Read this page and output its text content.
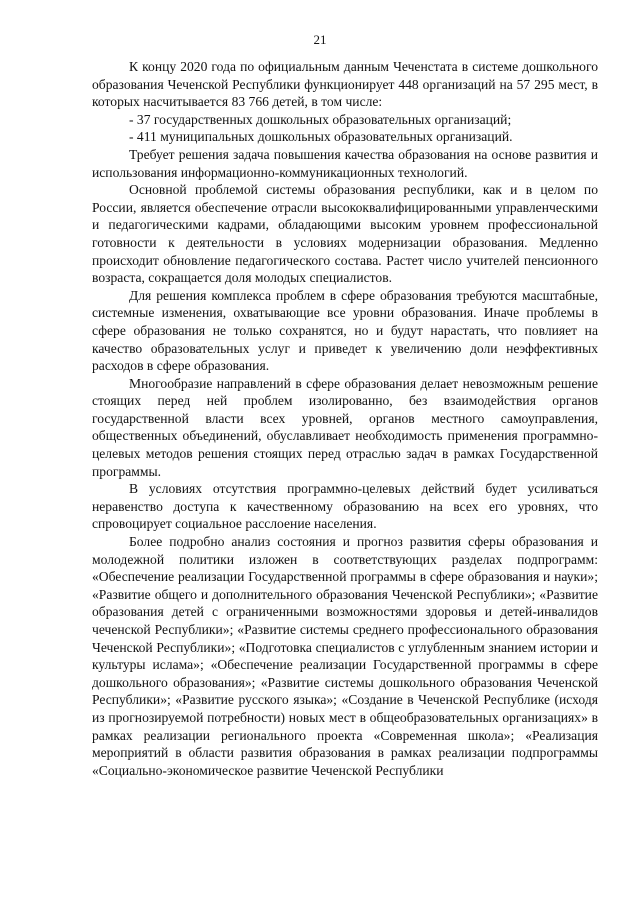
21

К концу 2020 года по официальным данным Чеченстата в системе дошкольного образования Чеченской Республики функционирует 448 организаций на 57 295 мест, в которых насчитывается 83 766 детей, в том числе:

- 37 государственных дошкольных образовательных организаций;

- 411 муниципальных дошкольных образовательных организаций.

Требует решения задача повышения качества образования на основе развития и использования информационно-коммуникационных технологий.

Основной проблемой системы образования республики, как и в целом по России, является обеспечение отрасли высококвалифицированными управленческими и педагогическими кадрами, обладающими высоким уровнем профессиональной готовности к деятельности в условиях модернизации образования. Медленно происходит обновление педагогического состава. Растет число учителей пенсионного возраста, сокращается доля молодых специалистов.

Для решения комплекса проблем в сфере образования требуются масштабные, системные изменения, охватывающие все уровни образования. Иначе проблемы в сфере образования не только сохранятся, но и будут нарастать, что повлияет на качество образовательных услуг и приведет к увеличению доли неэффективных расходов в сфере образования.

Многообразие направлений в сфере образования делает невозможным решение стоящих перед ней проблем изолированно, без взаимодействия органов государственной власти всех уровней, органов местного самоуправления, общественных объединений, обуславливает необходимость применения программно-целевых методов решения стоящих перед отраслью задач в рамках Государственной программы.

В условиях отсутствия программно-целевых действий будет усиливаться неравенство доступа к качественному образованию на всех его уровнях, что спровоцирует социальное расслоение населения.

Более подробно анализ состояния и прогноз развития сферы образования и молодежной политики изложен в соответствующих разделах подпрограмм: «Обеспечение реализации Государственной программы в сфере образования и науки»; «Развитие общего и дополнительного образования Чеченской Республики»; «Развитие образования детей с ограниченными возможностями здоровья и детей-инвалидов чеченской Республики»; «Развитие системы среднего профессионального образования Чеченской Республики»; «Подготовка специалистов с углубленным знанием истории и культуры ислама»; «Обеспечение реализации Государственной программы в сфере дошкольного образования»; «Развитие системы дошкольного образования Чеченской Республики»; «Развитие русского языка»; «Создание в Чеченской Республике (исходя из прогнозируемой потребности) новых мест в общеобразовательных организациях» в рамках реализации регионального проекта «Современная школа»; «Реализация мероприятий в области развития образования в рамках реализации подпрограммы «Социально-экономическое развитие Чеченской Республики
